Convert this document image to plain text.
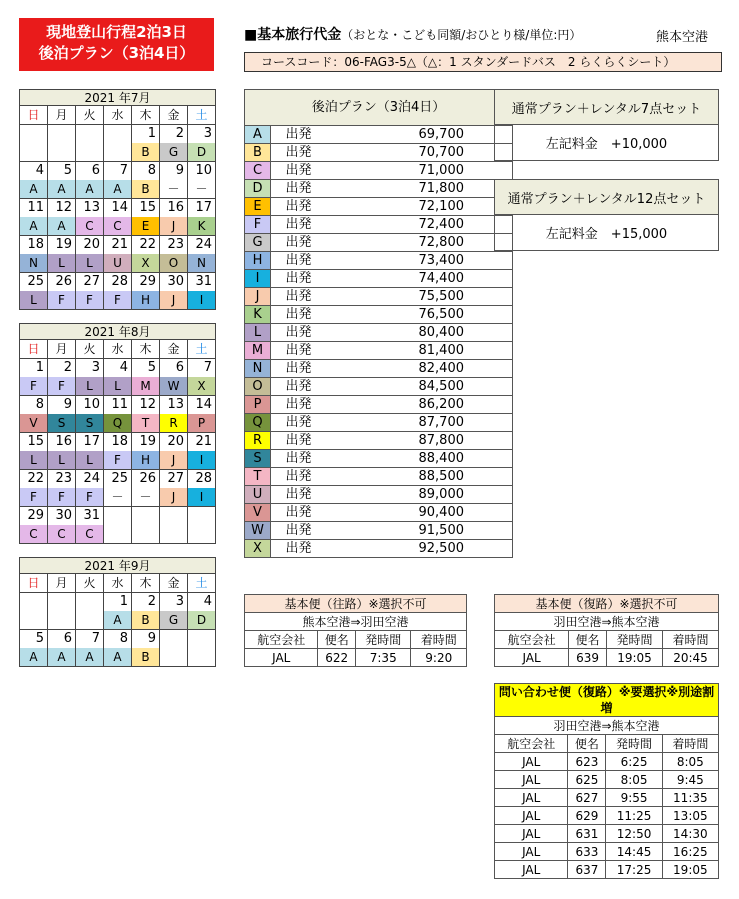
現地登山行程2泊3日
後泊プラン（3泊4日）
■基本旅行代金（おとな・こども同額/おひとり様/単位:円）	熊本空港
コースコード：06-FAG3-5△（△：1 スタンダードバス　2 らくらくシート）
2021 年7月						
日	月	火	水	木	金	土
				1	2	3
				B	G	D
4	5	6	7	8	9	10
A	A	A	A	B	－	－
11	12	13	14	15	16	17
A	A	C	C	E	J	K
18	19	20	21	22	23	24
N	L	L	U	X	O	N
25	26	27	28	29	30	31
L	F	F	F	H	J	I
2021 年8月						
日	月	火	水	木	金	土
1	2	3	4	5	6	7
F	F	L	L	M	W	X
8	9	10	11	12	13	14
V	S	S	Q	T	R	P
15	16	17	18	19	20	21
L	L	L	F	H	J	I
22	23	24	25	26	27	28
F	F	F	－	－	J	I
29	30	31				
C	C	C				
2021 年9月						
日	月	火	水	木	金	土
			1	2	3	4
			A	B	G	D
5	6	7	8	9		
A	A	A	A	B		
後泊プラン（3泊4日）		
A	出発	69,700
B	出発	70,700
C	出発	71,000
D	出発	71,800
E	出発	72,100
F	出発	72,400
G	出発	72,800
H	出発	73,400
I	出発	74,400
J	出発	75,500
K	出発	76,500
L	出発	80,400
M	出発	81,400
N	出発	82,400
O	出発	84,500
P	出発	86,200
Q	出発	87,700
R	出発	87,800
S	出発	88,400
T	出発	88,500
U	出発	89,000
V	出発	90,400
W	出発	91,500
X	出発	92,500
通常プラン＋レンタル7点セット
左記料金　+10,000
通常プラン＋レンタル12点セット
左記料金　+15,000
基本便（往路）※選択不可			
熊本空港⇒羽田空港			
航空会社	便名	発時間	着時間
JAL	622	7:35	9:20
基本便（復路）※選択不可			
羽田空港⇒熊本空港			
航空会社	便名	発時間	着時間
JAL	639	19:05	20:45
問い合わせ便（復路）※要選択※別途割増			
羽田空港⇒熊本空港			
航空会社	便名	発時間	着時間
JAL	623	6:25	8:05
JAL	625	8:05	9:45
JAL	627	9:55	11:35
JAL	629	11:25	13:05
JAL	631	12:50	14:30
JAL	633	14:45	16:25
JAL	637	17:25	19:05
